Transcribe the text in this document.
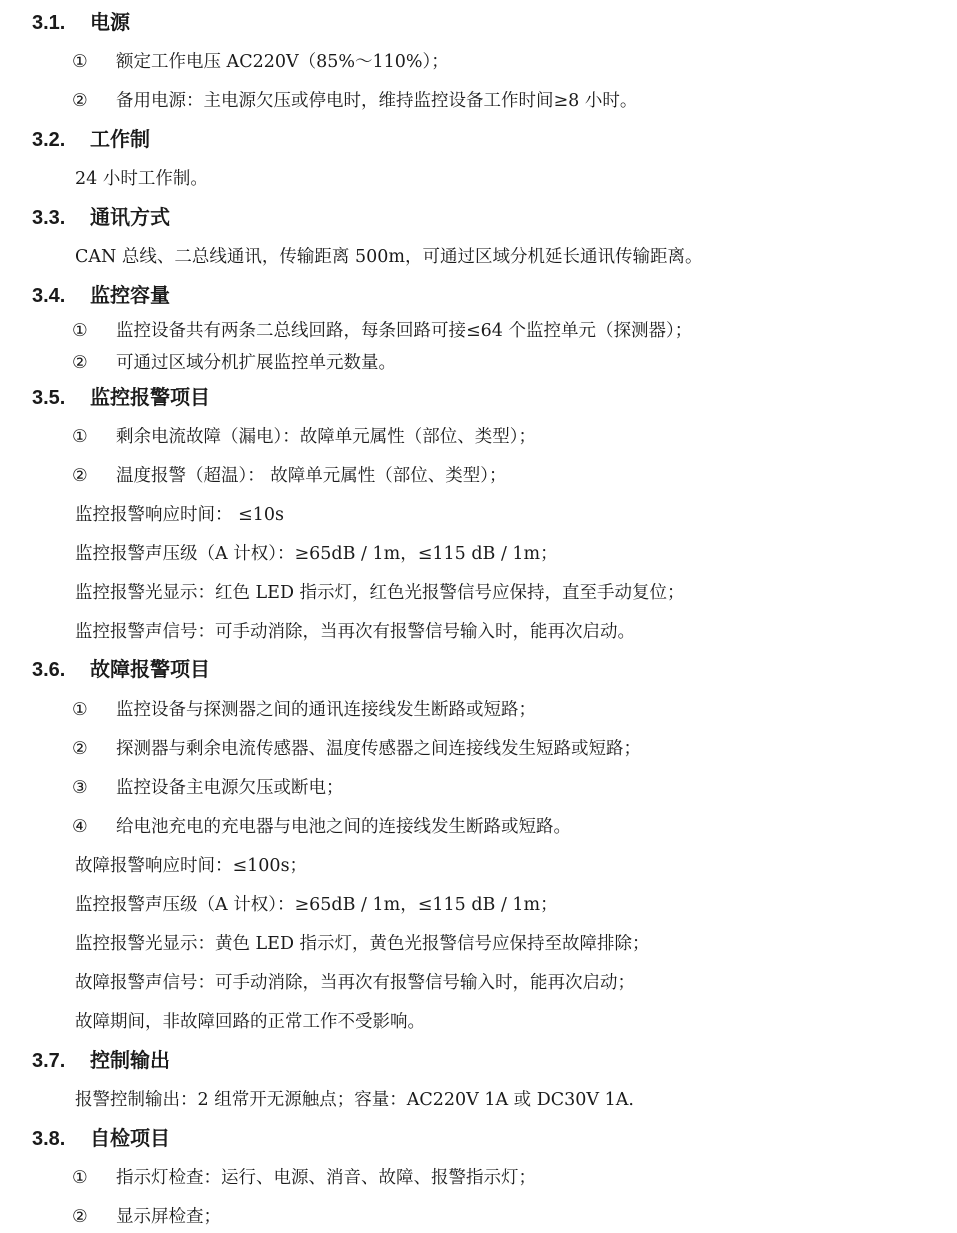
3.1. 电源
① 额定工作电压 AC220V（85%～110%）；
② 备用电源：主电源欠压或停电时，维持监控设备工作时间≥8 小时。
3.2. 工作制
24 小时工作制。
3.3. 通讯方式
CAN 总线、二总线通讯，传输距离 500m，可通过区域分机延长通讯传输距离。
3.4. 监控容量
① 监控设备共有两条二总线回路，每条回路可接≤64 个监控单元（探测器）；
② 可通过区域分机扩展监控单元数量。
3.5. 监控报警项目
① 剩余电流故障（漏电）：故障单元属性（部位、类型）；
② 温度报警（超温）： 故障单元属性（部位、类型）；
监控报警响应时间： ≤10s
监控报警声压级（A 计权）：≥65dB / 1m，≤115 dB / 1m；
监控报警光显示：红色 LED 指示灯，红色光报警信号应保持，直至手动复位；
监控报警声信号：可手动消除，当再次有报警信号输入时，能再次启动。
3.6. 故障报警项目
① 监控设备与探测器之间的通讯连接线发生断路或短路；
② 探测器与剩余电流传感器、温度传感器之间连接线发生短路或短路；
③ 监控设备主电源欠压或断电；
④ 给电池充电的充电器与电池之间的连接线发生断路或短路。
故障报警响应时间：≤100s；
监控报警声压级（A 计权）：≥65dB / 1m，≤115 dB / 1m；
监控报警光显示：黄色 LED 指示灯，黄色光报警信号应保持至故障排除；
故障报警声信号：可手动消除，当再次有报警信号输入时，能再次启动；
故障期间，非故障回路的正常工作不受影响。
3.7. 控制输出
报警控制输出：2 组常开无源触点；容量：AC220V 1A 或 DC30V 1A.
3.8. 自检项目
① 指示灯检查：运行、电源、消音、故障、报警指示灯；
② 显示屏检查；
